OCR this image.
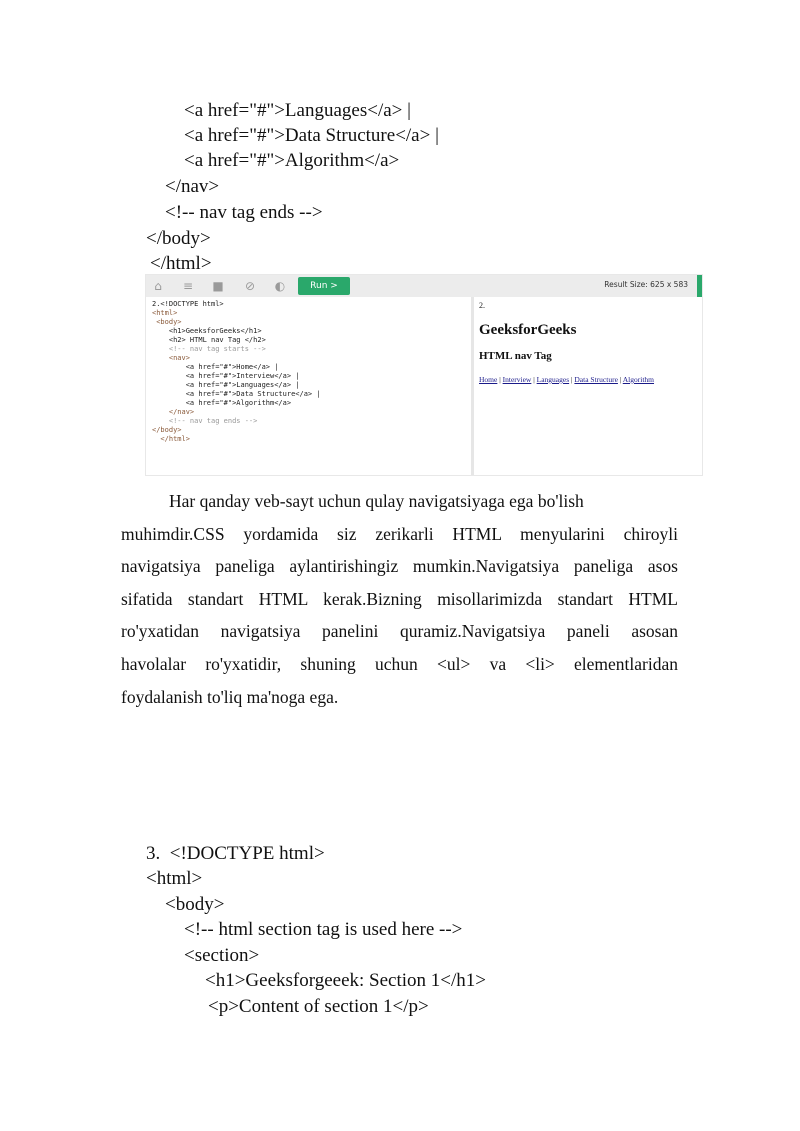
<a href="#">Languages</a> |
<a href="#">Data Structure</a> |
<a href="#">Algorithm</a>
</nav>
<!-- nav tag ends -->
</body>
</html>
⌂ ≡ ■ ⊘ ◐	Run >	Result Size: 625 x 583
2.<!DOCTYPE html>
<html>
<body>
<h1>GeeksforGeeks</h1>
<h2> HTML nav Tag </h2>
<!-- nav tag starts -->
<nav>
<a href="#">Home</a> |
<a href="#">Interview</a> |
<a href="#">Languages</a> |
<a href="#">Data Structure</a> |
<a href="#">Algorithm</a>
</nav>
<!-- nav tag ends -->
</body>
</html>
2.
GeeksforGeeks
HTML nav Tag
Home | Interview | Languages | Data Structure | Algorithm
Har qanday veb-sayt uchun qulay navigatsiyaga ega bo'lish
muhimdir.CSS yordamida siz zerikarli HTML menyularini chiroyli
navigatsiya paneliga aylantirishingiz mumkin.Navigatsiya paneliga asos
sifatida standart HTML kerak.Bizning misollarimizda standart HTML
ro'yxatidan navigatsiya panelini quramiz.Navigatsiya paneli asosan
havolalar ro'yxatidir, shuning uchun <ul> va <li> elementlaridan
foydalanish to'liq ma'noga ega.
3.  <!DOCTYPE html>
<html>
<body>
<!-- html section tag is used here -->
<section>
<h1>Geeksforgeeek: Section 1</h1>
<p>Content of section 1</p>
